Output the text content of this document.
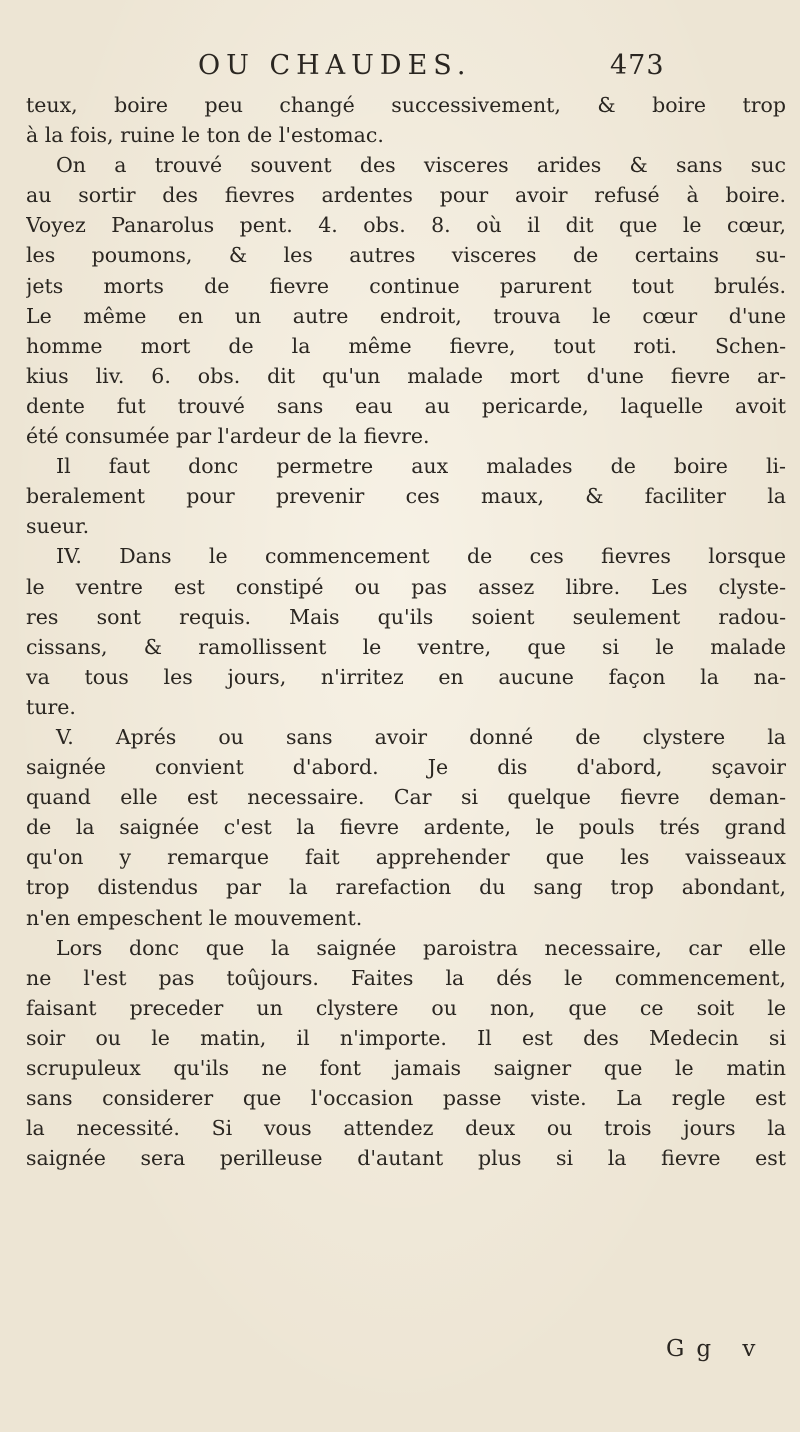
OU CHAUDES.	473
teux, boire peu changé successivement, & boire trop
à la fois, ruine le ton de l'estomac.
On a trouvé souvent des visceres arides & sans suc
au sortir des fievres ardentes pour avoir refusé à boire.
Voyez Panarolus pent. 4. obs. 8. où il dit que le cœur,
les poumons, & les autres visceres de certains su-
jets morts de fievre continue parurent tout brulés.
Le même en un autre endroit, trouva le cœur d'une
homme mort de la même fievre, tout roti. Schen-
kius liv. 6. obs. dit qu'un malade mort d'une fievre ar-
dente fut trouvé sans eau au pericarde, laquelle avoit
été consumée par l'ardeur de la fievre.
Il faut donc permetre aux malades de boire li-
beralement pour prevenir ces maux, & faciliter la
sueur.
IV. Dans le commencement de ces fievres lorsque
le ventre est constipé ou pas assez libre. Les clyste-
res sont requis. Mais qu'ils soient seulement radou-
cissans, & ramollissent le ventre, que si le malade
va tous les jours, n'irritez en aucune façon la na-
ture.
V. Aprés ou sans avoir donné de clystere la
saignée convient d'abord. Je dis d'abord, sçavoir
quand elle est necessaire. Car si quelque fievre deman-
de la saignée c'est la fievre ardente, le pouls trés grand
qu'on y remarque fait apprehender que les vaisseaux
trop distendus par la rarefaction du sang trop abondant,
n'en empeschent le mouvement.
Lors donc que la saignée paroistra necessaire, car elle
ne l'est pas toûjours. Faites la dés le commencement,
faisant preceder un clystere ou non, que ce soit le
soir ou le matin, il n'importe. Il est des Medecin si
scrupuleux qu'ils ne font jamais saigner que le matin
sans considerer que l'occasion passe viste. La regle est
la necessité. Si vous attendez deux ou trois jours la
saignée sera perilleuse d'autant plus si la fievre est
Gg v
